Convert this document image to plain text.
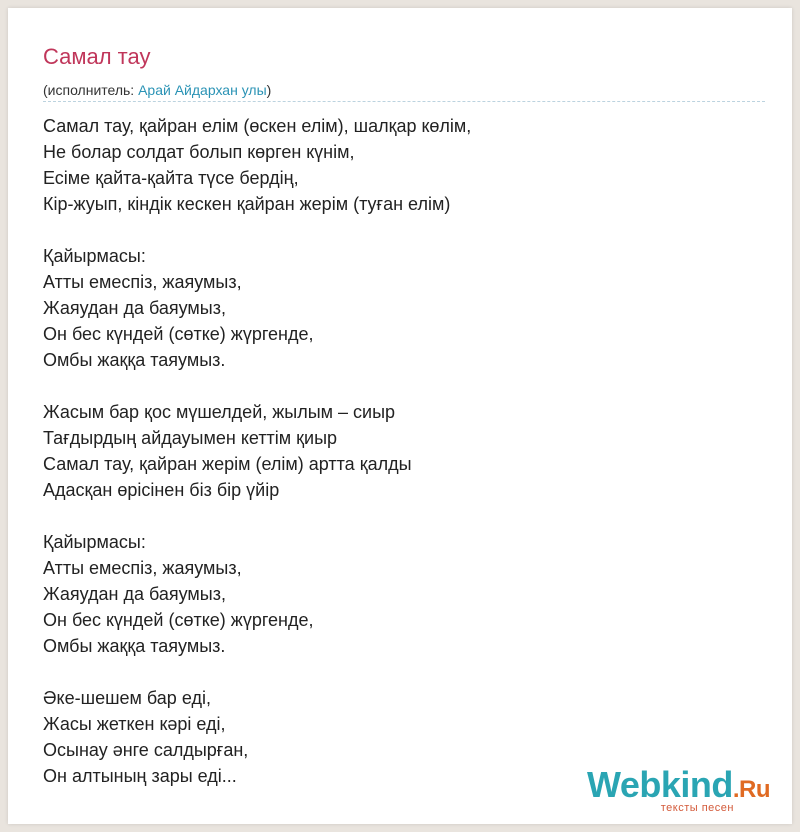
Самал тау
(исполнитель: Арай Айдархан улы)
Самал тау, қайран елім (өскен елім), шалқар көлім,
Не болар солдат болып көрген күнім,
Есіме қайта-қайта түсе бердің,
Кір-жуып, кіндік кескен қайран жерім (туған елім)
Қайырмасы:
Атты емеспіз, жаяумыз,
Жаяудан да баяумыз,
Он бес күндей (сөтке) жүргенде,
Омбы жаққа таяумыз.
Жасым бар қос мүшелдей, жылым – сиыр
Тағдырдың айдауымен кеттім қиыр
Самал тау, қайран жерім (елім) артта қалды
Адасқан өрісінен біз бір үйір
Қайырмасы:
Атты емеспіз, жаяумыз,
Жаяудан да баяумыз,
Он бес күндей (сөтке) жүргенде,
Омбы жаққа таяумыз.
Әке-шешем бар еді,
Жасы жеткен кәрі еді,
Осынау әнге салдырған,
Он алтының зары еді...	Webkind.Ru
тексты песен
